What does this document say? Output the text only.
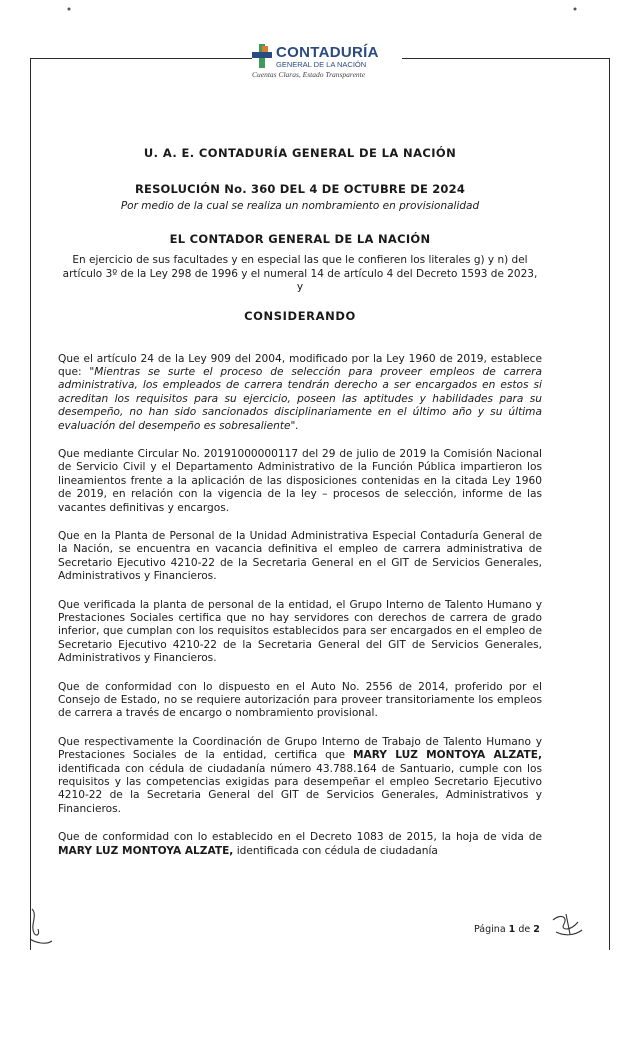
CONTADURÍA
GENERAL DE LA NACIÓN
Cuentas Claras, Estado Transparente
U. A. E. CONTADURÍA GENERAL DE LA NACIÓN
RESOLUCIÓN No. 360 DEL 4 DE OCTUBRE DE 2024
Por medio de la cual se realiza un nombramiento en provisionalidad
EL CONTADOR GENERAL DE LA NACIÓN
En ejercicio de sus facultades y en especial las que le confieren los literales g) y n) del artículo 3º de la Ley 298 de 1996 y el numeral 14 de artículo 4 del Decreto 1593 de 2023, y
CONSIDERANDO

Que el artículo 24 de la Ley 909 del 2004, modificado por la Ley 1960 de 2019, establece que: "Mientras se surte el proceso de selección para proveer empleos de carrera administrativa, los empleados de carrera tendrán derecho a ser encargados en estos si acreditan los requisitos para su ejercicio, poseen las aptitudes y habilidades para su desempeño, no han sido sancionados disciplinariamente en el último año y su última evaluación del desempeño es sobresaliente".

Que mediante Circular No. 20191000000117 del 29 de julio de 2019 la Comisión Nacional de Servicio Civil y el Departamento Administrativo de la Función Pública impartieron los lineamientos frente a la aplicación de las disposiciones contenidas en la citada Ley 1960 de 2019, en relación con la vigencia de la ley – procesos de selección, informe de las vacantes definitivas y encargos.

Que en la Planta de Personal de la Unidad Administrativa Especial Contaduría General de la Nación, se encuentra en vacancia definitiva el empleo de carrera administrativa de Secretario Ejecutivo 4210-22 de la Secretaria General en el GIT de Servicios Generales, Administrativos y Financieros.

Que verificada la planta de personal de la entidad, el Grupo Interno de Talento Humano y Prestaciones Sociales certifica que no hay servidores con derechos de carrera de grado inferior, que cumplan con los requisitos establecidos para ser encargados en el empleo de Secretario Ejecutivo 4210-22 de la Secretaria General del GIT de Servicios Generales, Administrativos y Financieros.

Que de conformidad con lo dispuesto en el Auto No. 2556 de 2014, proferido por el Consejo de Estado, no se requiere autorización para proveer transitoriamente los empleos de carrera a través de encargo o nombramiento provisional.

Que respectivamente la Coordinación de Grupo Interno de Trabajo de Talento Humano y Prestaciones Sociales de la entidad, certifica que MARY LUZ MONTOYA ALZATE, identificada con cédula de ciudadanía número 43.788.164 de Santuario, cumple con los requisitos y las competencias exigidas para desempeñar el empleo Secretario Ejecutivo 4210-22 de la Secretaria General del GIT de Servicios Generales, Administrativos y Financieros.

Que de conformidad con lo establecido en el Decreto 1083 de 2015, la hoja de vida de MARY LUZ MONTOYA ALZATE, identificada con cédula de ciudadanía

Página 1 de 2
